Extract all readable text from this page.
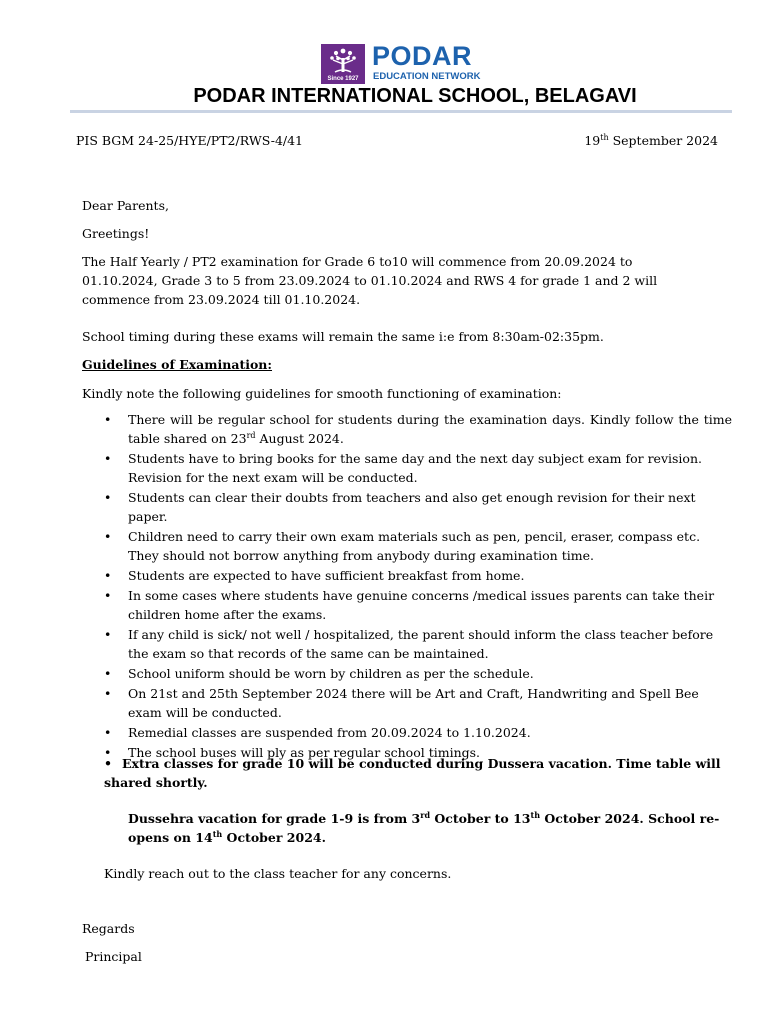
Since 1927
PODAR
EDUCATION NETWORK
PODAR INTERNATIONAL SCHOOL, BELAGAVI
PIS BGM 24-25/HYE/PT2/RWS-4/41	19th September 2024
Dear Parents,
Greetings!
The Half Yearly / PT2 examination for Grade 6 to10 will commence from 20.09.2024 to 01.10.2024, Grade 3 to 5 from 23.09.2024 to 01.10.2024 and RWS 4 for grade 1 and 2 will commence from 23.09.2024 till 01.10.2024.
School timing during these exams will remain the same i:e from 8:30am-02:35pm.
Guidelines of Examination:
Kindly note the following guidelines for smooth functioning of examination:
• There will be regular school for students during the examination days. Kindly follow the time table shared on 23rd August 2024.
• Students have to bring books for the same day and the next day subject exam for revision. Revision for the next exam will be conducted.
• Students can clear their doubts from teachers and also get enough revision for their next paper.
• Children need to carry their own exam materials such as pen, pencil, eraser, compass etc. They should not borrow anything from anybody during examination time.
• Students are expected to have sufficient breakfast from home.
• In some cases where students have genuine concerns /medical issues parents can take their children home after the exams.
• If any child is sick/ not well / hospitalized, the parent should inform the class teacher before the exam so that records of the same can be maintained.
• School uniform should be worn by children as per the schedule.
• On 21st and 25th September 2024 there will be Art and Craft, Handwriting and Spell Bee exam will be conducted.
• Remedial classes are suspended from 20.09.2024 to 1.10.2024.
• The school buses will ply as per regular school timings.
• Extra classes for grade 10 will be conducted during Dussera vacation. Time table will shared shortly.
Dussehra vacation for grade 1-9 is from 3rd October to 13th October 2024. School re-opens on 14th October 2024.
Kindly reach out to the class teacher for any concerns.
Regards
Principal
